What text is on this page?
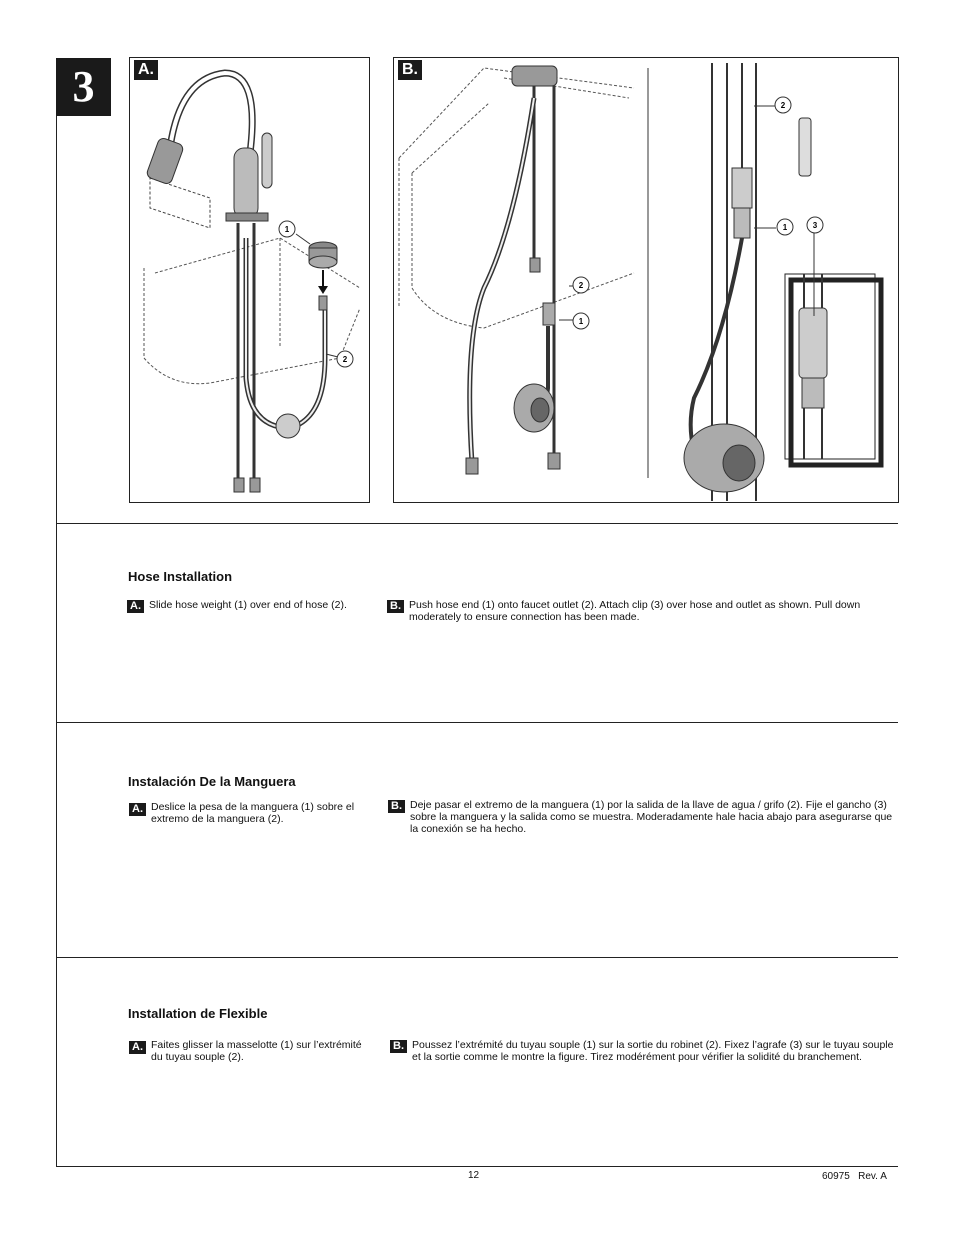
3
1
2
A.
2
1	3
2
1
B.
Hose Installation
A. Slide hose weight (1) over end of hose (2).	B. Push hose end (1) onto faucet outlet (2). Attach clip (3) over hose and outlet as shown. Pull down moderately to ensure connection has been made.
Instalación De la Manguera
A. Deslice la pesa de la manguera (1) sobre el extremo de la manguera (2).
B. Deje pasar el extremo de la manguera (1) por la salida de la llave de agua / grifo (2). Fije el gancho (3) sobre la manguera y la salida como se muestra. Moderadamente hale hacia abajo para asegurarse que la conexión se ha hecho.
Installation de Flexible
A. Faites glisser la masselotte (1) sur l’extrémité du tuyau souple (2).
B. Poussez l’extrémité du tuyau souple (1) sur la sortie du robinet (2). Fixez l’agrafe (3) sur le tuyau souple et la sortie comme le montre la figure. Tirez modérément pour vérifier la solidité du branchement.
12	60975   Rev. A
